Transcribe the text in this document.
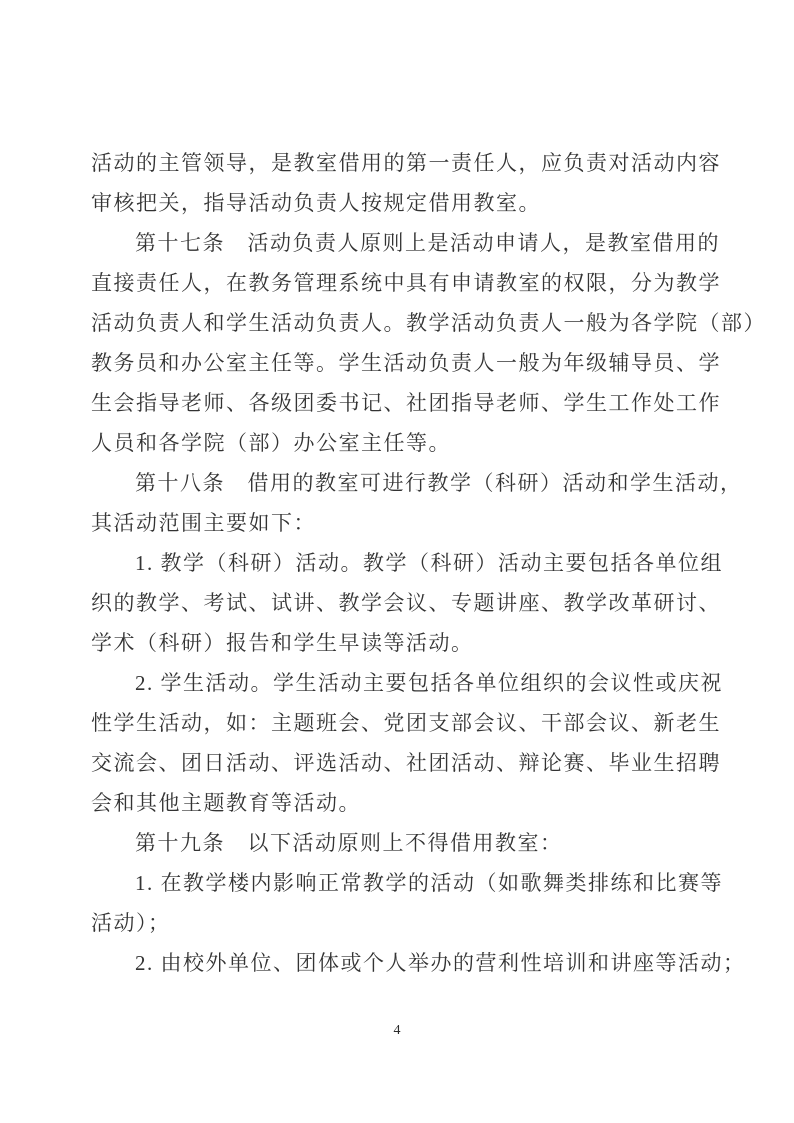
活动的主管领导，是教室借用的第一责任人，应负责对活动内容
审核把关，指导活动负责人按规定借用教室。
第十七条　活动负责人原则上是活动申请人，是教室借用的
直接责任人，在教务管理系统中具有申请教室的权限，分为教学
活动负责人和学生活动负责人。教学活动负责人一般为各学院（部）
教务员和办公室主任等。学生活动负责人一般为年级辅导员、学
生会指导老师、各级团委书记、社团指导老师、学生工作处工作
人员和各学院（部）办公室主任等。
第十八条　借用的教室可进行教学（科研）活动和学生活动，
其活动范围主要如下：
1. 教学（科研）活动。教学（科研）活动主要包括各单位组
织的教学、考试、试讲、教学会议、专题讲座、教学改革研讨、
学术（科研）报告和学生早读等活动。
2. 学生活动。学生活动主要包括各单位组织的会议性或庆祝
性学生活动，如：主题班会、党团支部会议、干部会议、新老生
交流会、团日活动、评选活动、社团活动、辩论赛、毕业生招聘
会和其他主题教育等活动。
第十九条　以下活动原则上不得借用教室：
1. 在教学楼内影响正常教学的活动（如歌舞类排练和比赛等
活动）；
2. 由校外单位、团体或个人举办的营利性培训和讲座等活动；
4
